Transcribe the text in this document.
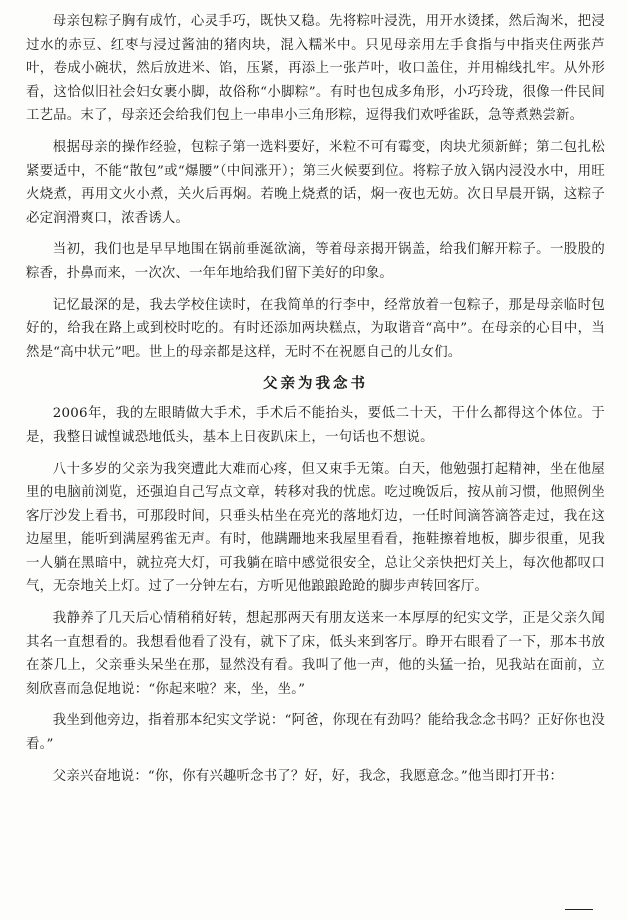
母亲包粽子胸有成竹，心灵手巧，既快又稳。先将粽叶浸洗，用开水烫揉，然后淘米，把浸过水的赤豆、红枣与浸过酱油的猪肉块，混入糯米中。只见母亲用左手食指与中指夹住两张芦叶，卷成小碗状，然后放进米、馅，压紧，再添上一张芦叶，收口盖住，并用棉线扎牢。从外形看，这恰似旧社会妇女裹小脚，故俗称“小脚粽”。有时也包成多角形，小巧玲珑，很像一件民间工艺品。末了，母亲还会给我们包上一串串小三角形粽，逗得我们欢呼雀跃，急等煮熟尝新。

根据母亲的操作经验，包粽子第一选料要好，米粒不可有霉变，肉块尤须新鲜；第二包扎松紧要适中，不能“散包”或“爆腰”（中间涨开）；第三火候要到位。将粽子放入锅内浸没水中，用旺火烧煮，再用文火小煮，关火后再焖。若晚上烧煮的话，焖一夜也无妨。次日早晨开锅，这粽子必定润滑爽口，浓香诱人。

当初，我们也是早早地围在锅前垂涎欲滴，等着母亲揭开锅盖，给我们解开粽子。一股股的粽香，扑鼻而来，一次次、一年年地给我们留下美好的印象。

记忆最深的是，我去学校住读时，在我简单的行李中，经常放着一包粽子，那是母亲临时包好的，给我在路上或到校时吃的。有时还添加两块糕点，为取谐音“高中”。在母亲的心目中，当然是“高中状元”吧。世上的母亲都是这样，无时不在祝愿自己的儿女们。

父亲为我念书

2006年，我的左眼睛做大手术，手术后不能抬头，要低二十天，干什么都得这个体位。于是，我整日诚惶诚恐地低头，基本上日夜趴床上，一句话也不想说。

八十多岁的父亲为我突遭此大难而心疼，但又束手无策。白天，他勉强打起精神，坐在他屋里的电脑前浏览，还强迫自己写点文章，转移对我的忧虑。吃过晚饭后，按从前习惯，他照例坐客厅沙发上看书，可那段时间，只垂头枯坐在亮光的落地灯边，一任时间滴答滴答走过，我在这边屋里，能听到满屋鸦雀无声。有时，他蹒跚地来我屋里看看，拖鞋擦着地板，脚步很重，见我一人躺在黑暗中，就拉亮大灯，可我躺在暗中感觉很安全，总让父亲快把灯关上，每次他都叹口气，无奈地关上灯。过了一分钟左右，方听见他踉踉跄跄的脚步声转回客厅。

我静养了几天后心情稍稍好转，想起那两天有朋友送来一本厚厚的纪实文学，正是父亲久闻其名一直想看的。我想看他看了没有，就下了床，低头来到客厅。睁开右眼看了一下，那本书放在茶几上，父亲垂头呆坐在那，显然没有看。我叫了他一声，他的头猛一抬，见我站在面前，立刻欣喜而急促地说：“你起来啦？来，坐，坐。”

我坐到他旁边，指着那本纪实文学说：“阿爸，你现在有劲吗？能给我念念书吗？正好你也没看。”

父亲兴奋地说：“你，你有兴趣听念书了？好，好，我念，我愿意念。”他当即打开书：
